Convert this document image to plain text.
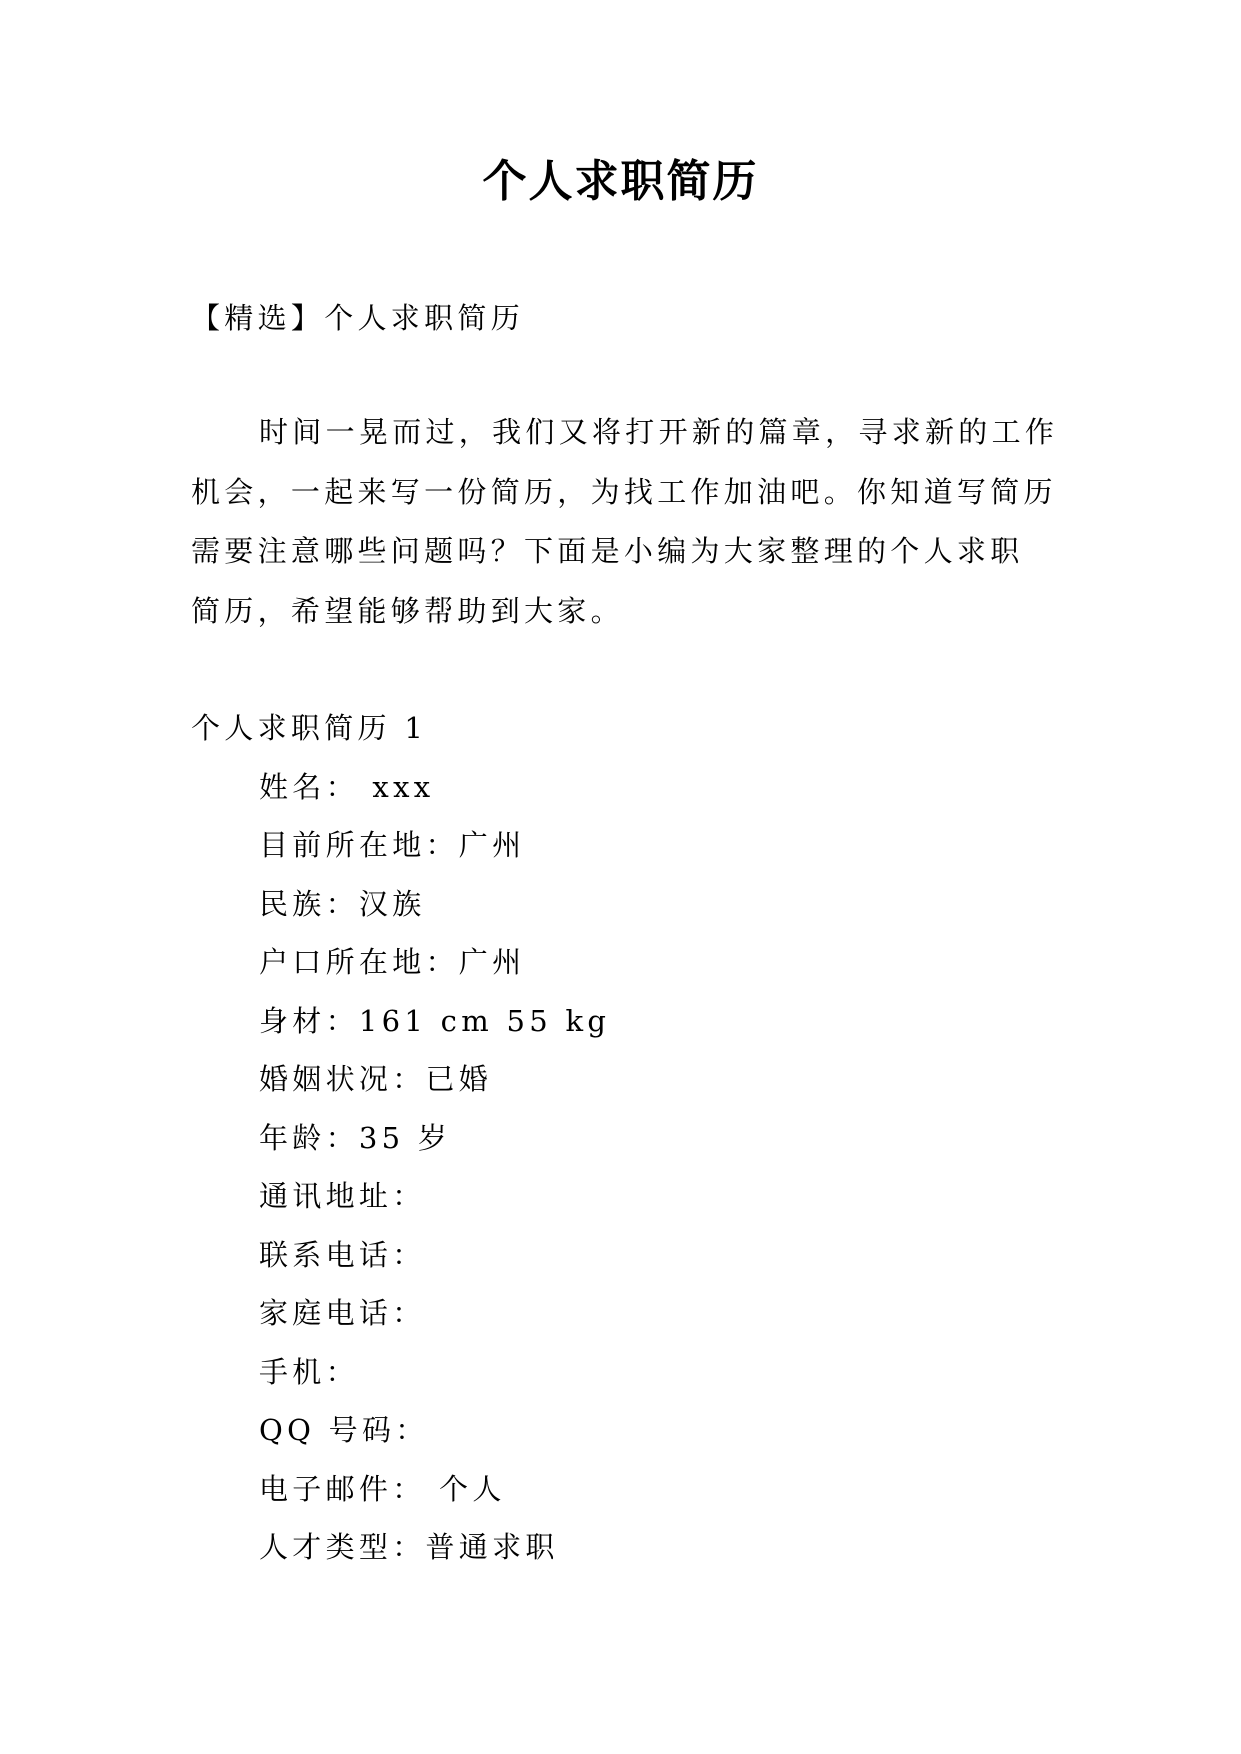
个人求职简历
【精选】个人求职简历
时间一晃而过，我们又将打开新的篇章，寻求新的工作
机会，一起来写一份简历，为找工作加油吧。你知道写简历
需要注意哪些问题吗？下面是小编为大家整理的个人求职
简历，希望能够帮助到大家。
个人求职简历 1
姓名： xxx
目前所在地：广州
民族：汉族
户口所在地：广州
身材：161 cm 55 kg
婚姻状况：已婚
年龄：35 岁
通讯地址：
联系电话：
家庭电话：
手机：
QQ 号码：
电子邮件： 个人
人才类型：普通求职
